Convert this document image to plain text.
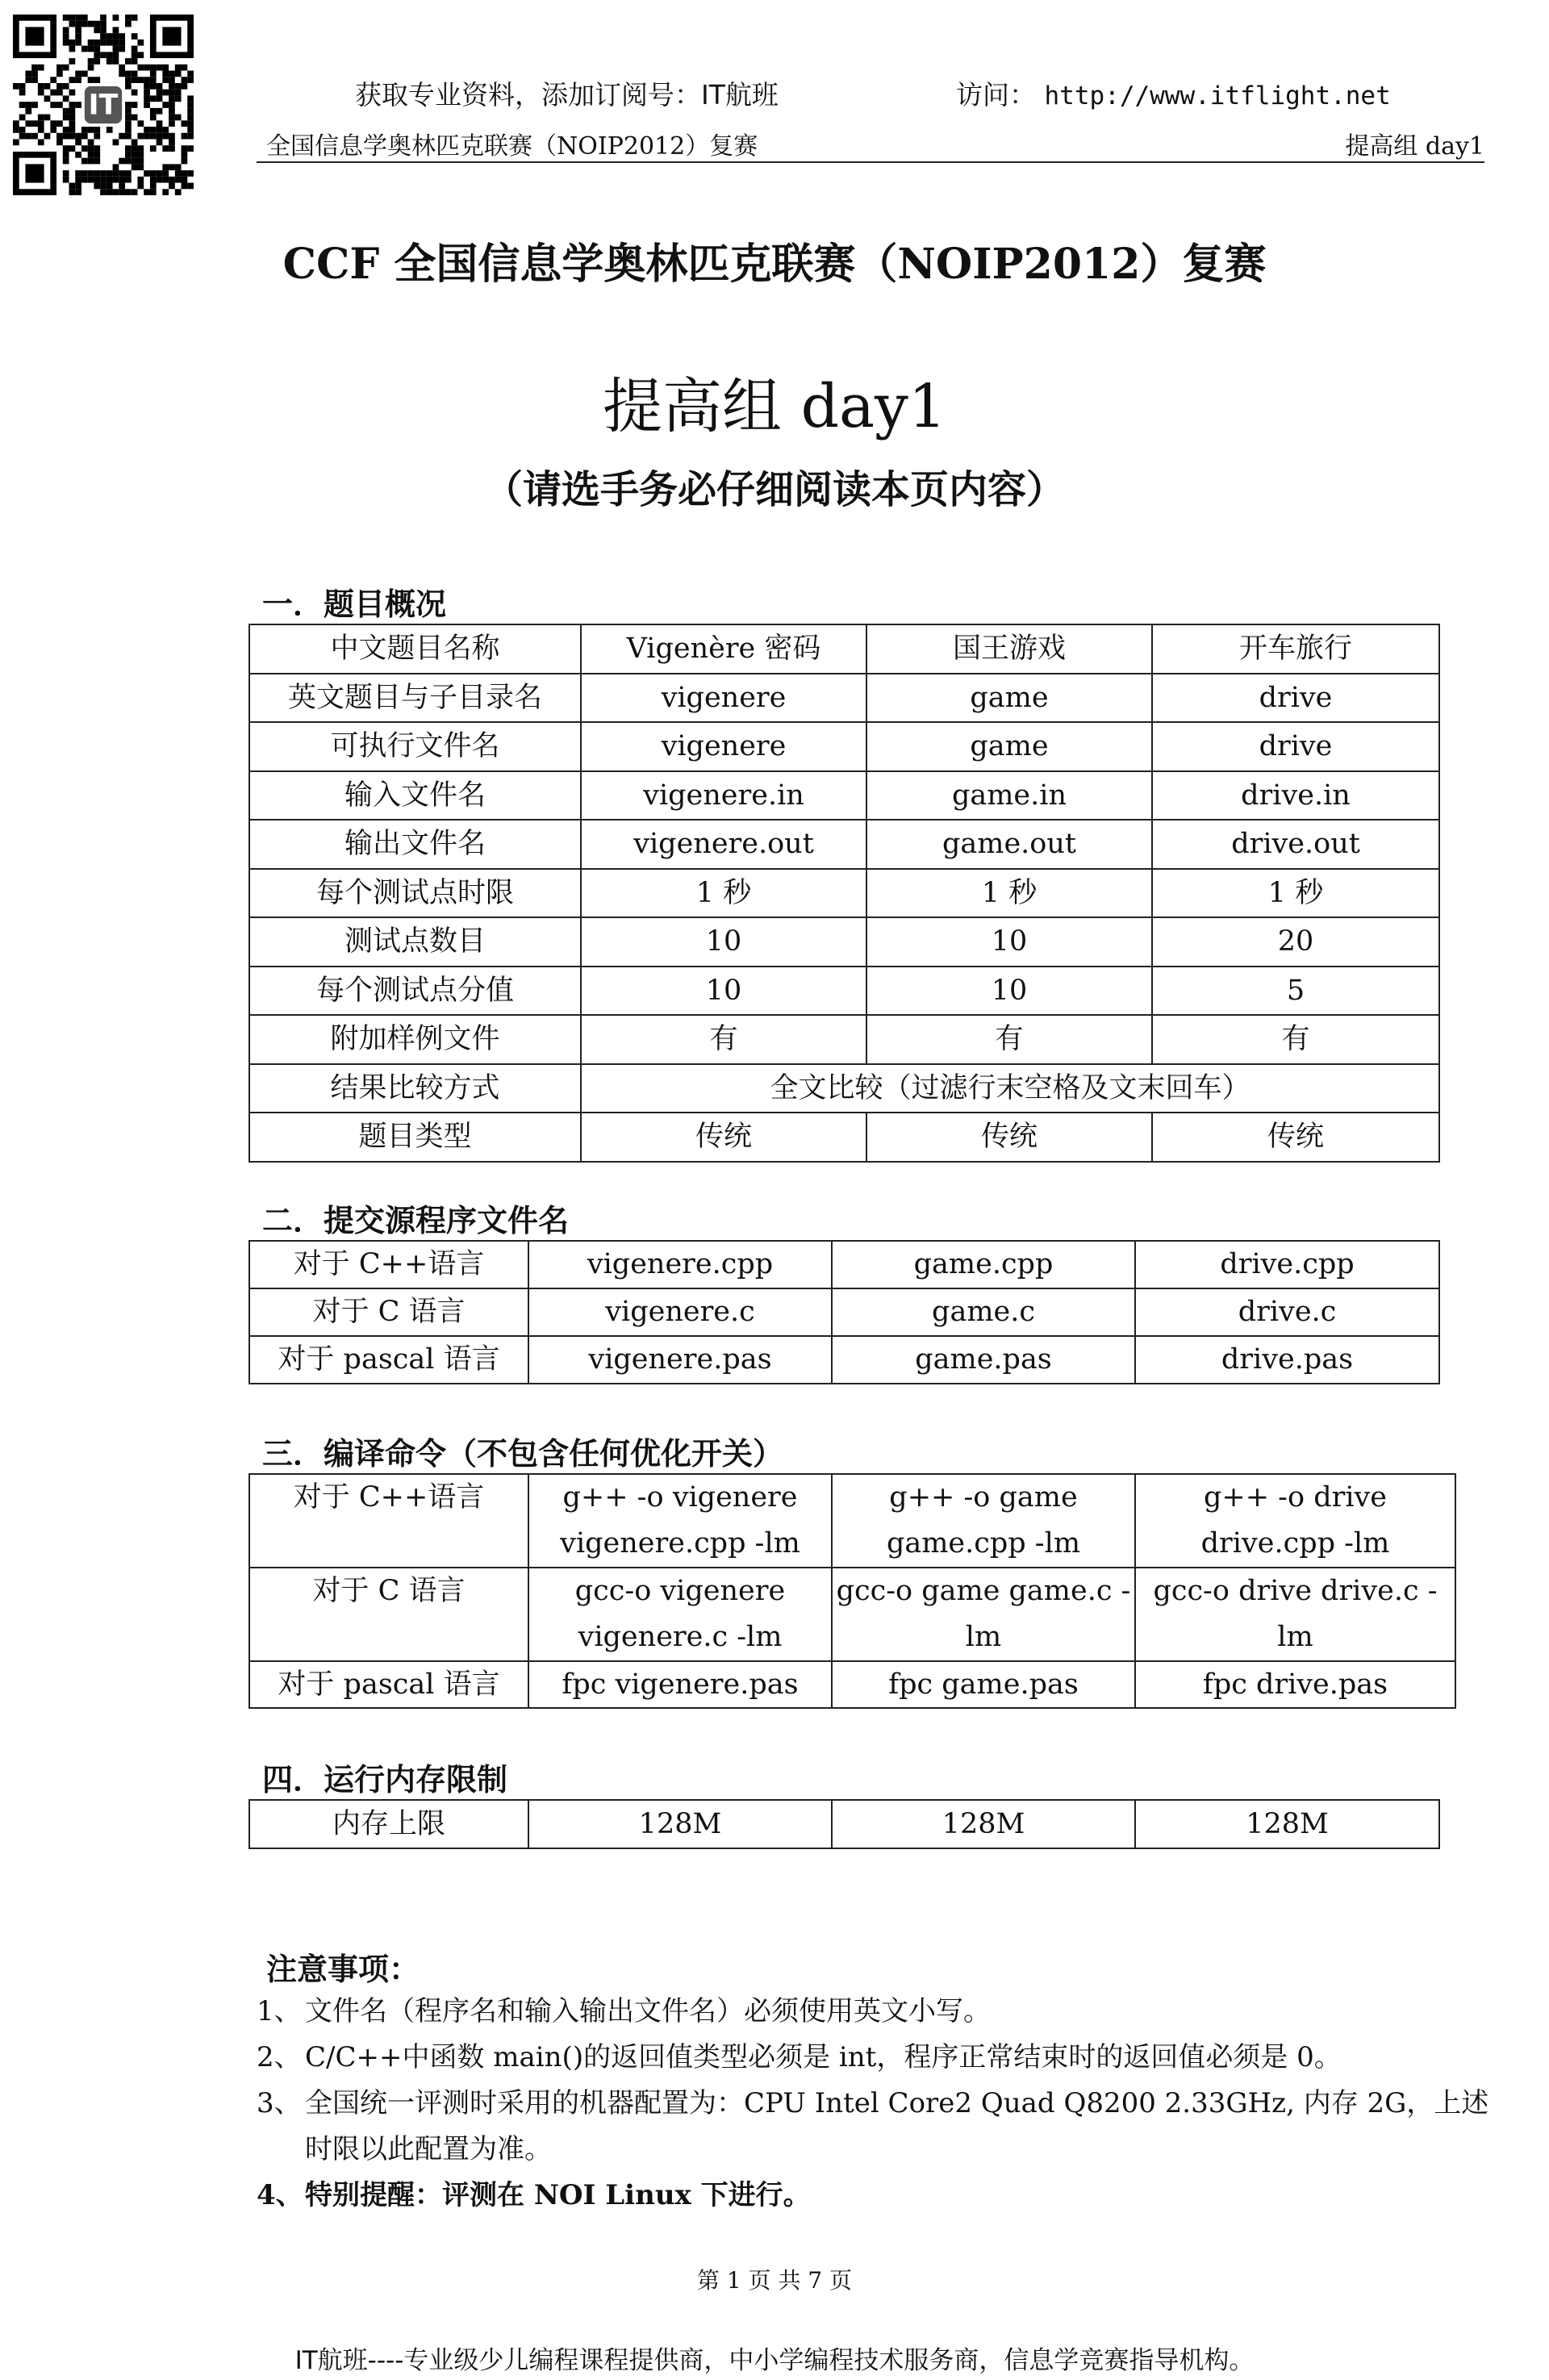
IT	获取专业资料，添加订阅号：IT航班	访问： http://www.itflight.net
全国信息学奥林匹克联赛（NOIP2012）复赛	提高组 day1
CCF 全国信息学奥林匹克联赛（NOIP2012）复赛
提高组 day1
（请选手务必仔细阅读本页内容）
一．题目概况
中文题目名称	Vigenère 密码	国王游戏	开车旅行
英文题目与子目录名	vigenere	game	drive
可执行文件名	vigenere	game	drive
输入文件名	vigenere.in	game.in	drive.in
输出文件名	vigenere.out	game.out	drive.out
每个测试点时限	1 秒	1 秒	1 秒
测试点数目	10	10	20
每个测试点分值	10	10	5
附加样例文件	有	有	有
结果比较方式	全文比较（过滤行末空格及文末回车）		
题目类型	传统	传统	传统
二．提交源程序文件名
对于 C++语言	vigenere.cpp	game.cpp	drive.cpp
对于 C 语言	vigenere.c	game.c	drive.c
对于 pascal 语言	vigenere.pas	game.pas	drive.pas
三．编译命令（不包含任何优化开关）
对于 C++语言	g++ -o vigenere vigenere.cpp -lm	g++ -o game game.cpp -lm	g++ -o drive drive.cpp -lm
对于 C 语言	gcc-o vigenere vigenere.c -lm	gcc-o game game.c -lm	gcc-o drive drive.c -lm
对于 pascal 语言	fpc vigenere.pas	fpc game.pas	fpc drive.pas
四．运行内存限制
内存上限	128M	128M	128M
注意事项：
1、 文件名（程序名和输入输出文件名）必须使用英文小写。
2、 C/C++中函数 main()的返回值类型必须是 int，程序正常结束时的返回值必须是 0。
3、 全国统一评测时采用的机器配置为：CPU Intel Core2 Quad Q8200 2.33GHz, 内存 2G，上述时限以此配置为准。
4、 特别提醒：评测在 NOI Linux 下进行。
第 1 页 共 7 页
IT航班----专业级少儿编程课程提供商，中小学编程技术服务商，信息学竞赛指导机构。
